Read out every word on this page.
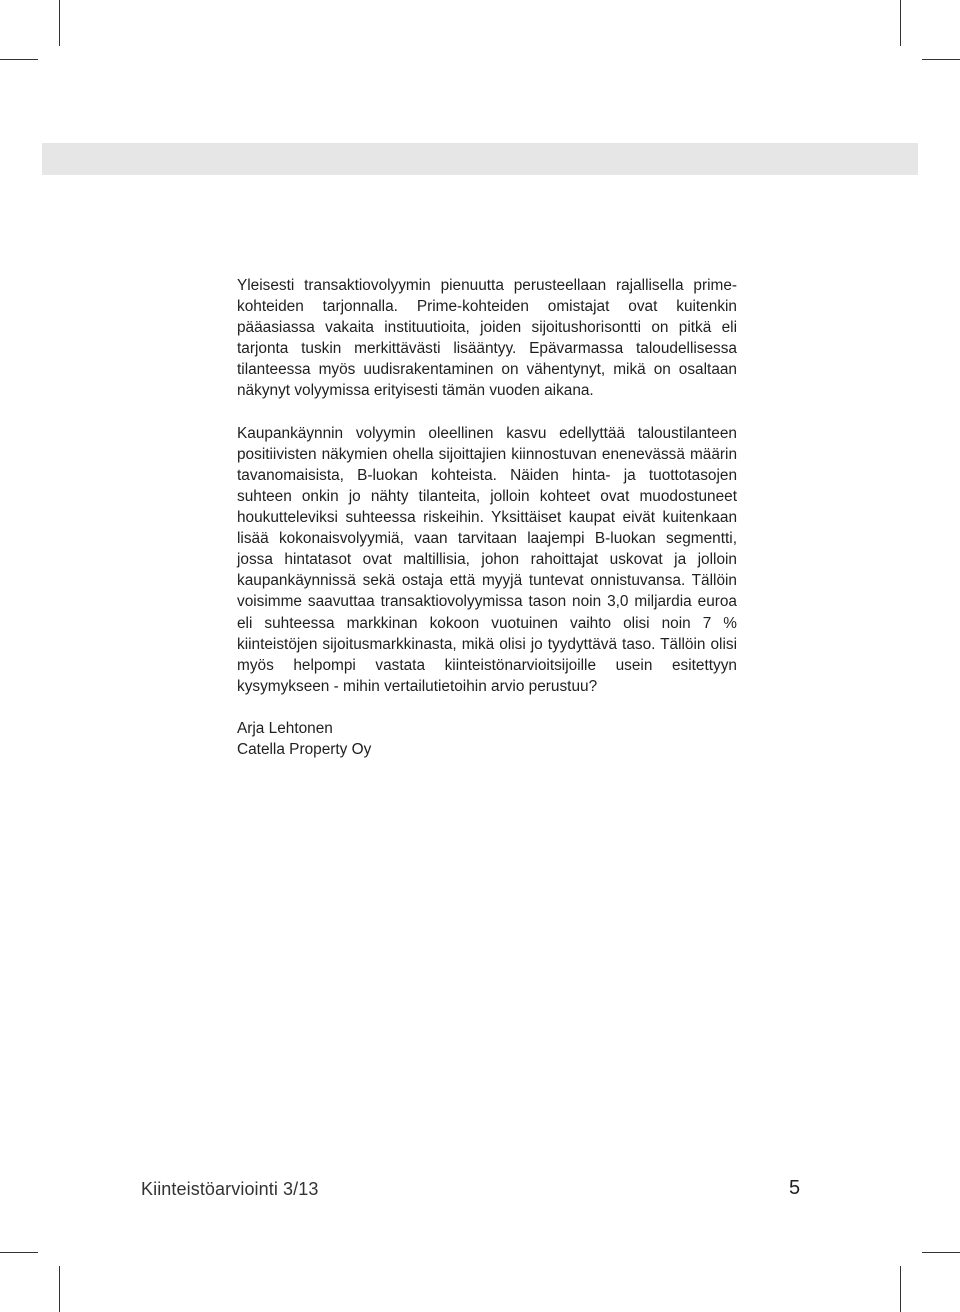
Yleisesti transaktiovolyymin pienuutta perusteellaan rajallisella prime-kohteiden tarjonnalla. Prime-kohteiden omistajat ovat kuitenkin pääasiassa vakaita instituutioita, joiden sijoitushorisontti on pitkä eli tarjonta tuskin merkittävästi lisääntyy. Epävarmassa taloudellisessa tilanteessa myös uudisrakentaminen on vähentynyt, mikä on osaltaan näkynyt volyymissa erityisesti tämän vuoden aikana.

Kaupankäynnin volyymin oleellinen kasvu edellyttää taloustilanteen positiivisten näkymien ohella sijoittajien kiinnostuvan enenevässä määrin tavanomaisista, B-luokan kohteista. Näiden hinta- ja tuottotasojen suhteen onkin jo nähty tilanteita, jolloin kohteet ovat muodostuneet houkutteleviksi suhteessa riskeihin. Yksittäiset kaupat eivät kuitenkaan lisää kokonaisvolyymiä, vaan tarvitaan laajempi B-luokan segmentti, jossa hintatasot ovat maltillisia, johon rahoittajat uskovat ja jolloin kaupankäynnissä sekä ostaja että myyjä tuntevat onnistuvansa. Tällöin voisimme saavuttaa transaktiovolyymissa tason noin 3,0 miljardia euroa eli suhteessa markkinan kokoon vuotuinen vaihto olisi noin 7 % kiinteistöjen sijoitusmarkkinasta, mikä olisi jo tyydyttävä taso. Tällöin olisi myös helpompi vastata kiinteistönarvioitsijoille usein esitettyyn kysymykseen - mihin vertailutietoihin arvio perustuu?

Arja Lehtonen
Catella Property Oy
Kiinteistöarviointi 3/13	5
